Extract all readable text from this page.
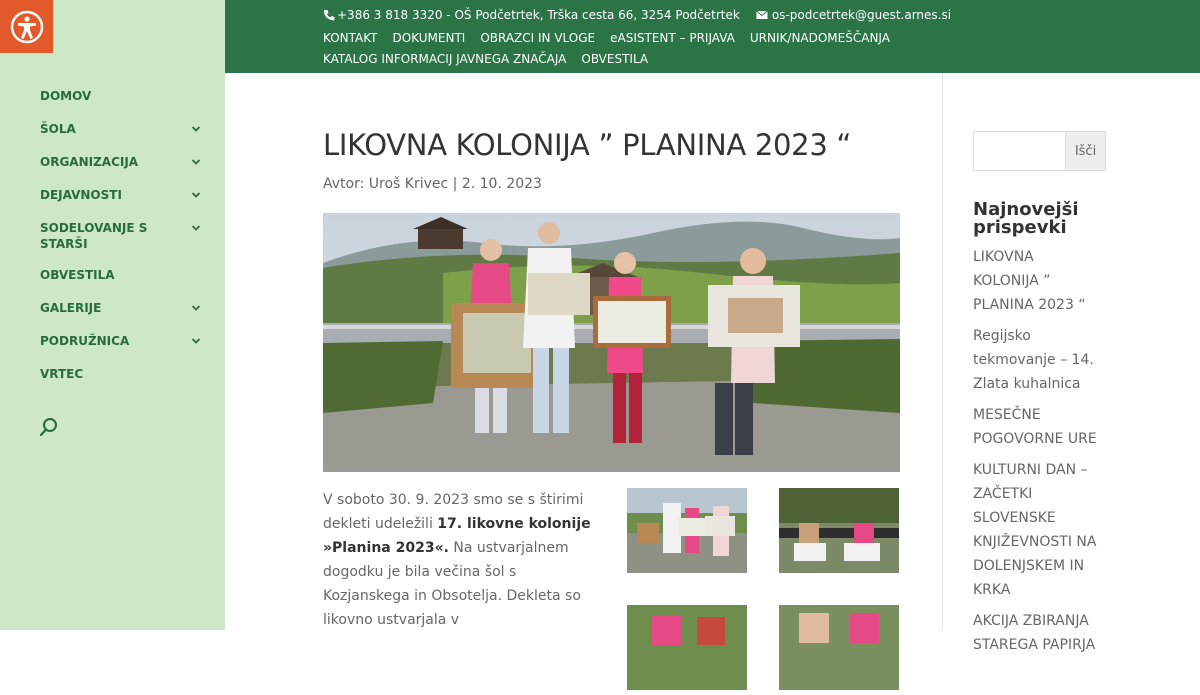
DOMOV
ŠOLA
ORGANIZACIJA
DEJAVNOSTI
SODELOVANJE S STARŠI
OBVESTILA
GALERIJE
PODRUŽNICA
VRTEC
+386 3 818 3320 - OŠ Podčetrtek, Trška cesta 66, 3254 Podčetrtek	os-podcetrtek@guest.arnes.si
KONTAKT DOKUMENTI OBRAZCI IN VLOGE eASISTENT – PRIJAVA URNIK/NADOMEŠČANJAKATALOG INFORMACIJ JAVNEGA ZNAČAJA OBVESTILA
LIKOVNA KOLONIJA ” PLANINA 2023 “
Avtor: Uroš Krivec | 2. 10. 2023

V soboto 30. 9. 2023 smo se s štirimi dekleti udeležili 17. likovne kolonije »Planina 2023«. Na ustvarjalnem dogodku je bila večina šol s Kozjanskega in Obsotelja. Dekleta so likovno ustvarjala v

Išči
Najnovejši prispevki
LIKOVNA KOLONIJA ” PLANINA 2023 “
Regijsko tekmovanje – 14. Zlata kuhalnica
MESEČNE POGOVORNE URE
KULTURNI DAN – ZAČETKI SLOVENSKE KNJIŽEVNOSTI NA DOLENJSKEM IN KRKA
AKCIJA ZBIRANJA STAREGA PAPIRJA
